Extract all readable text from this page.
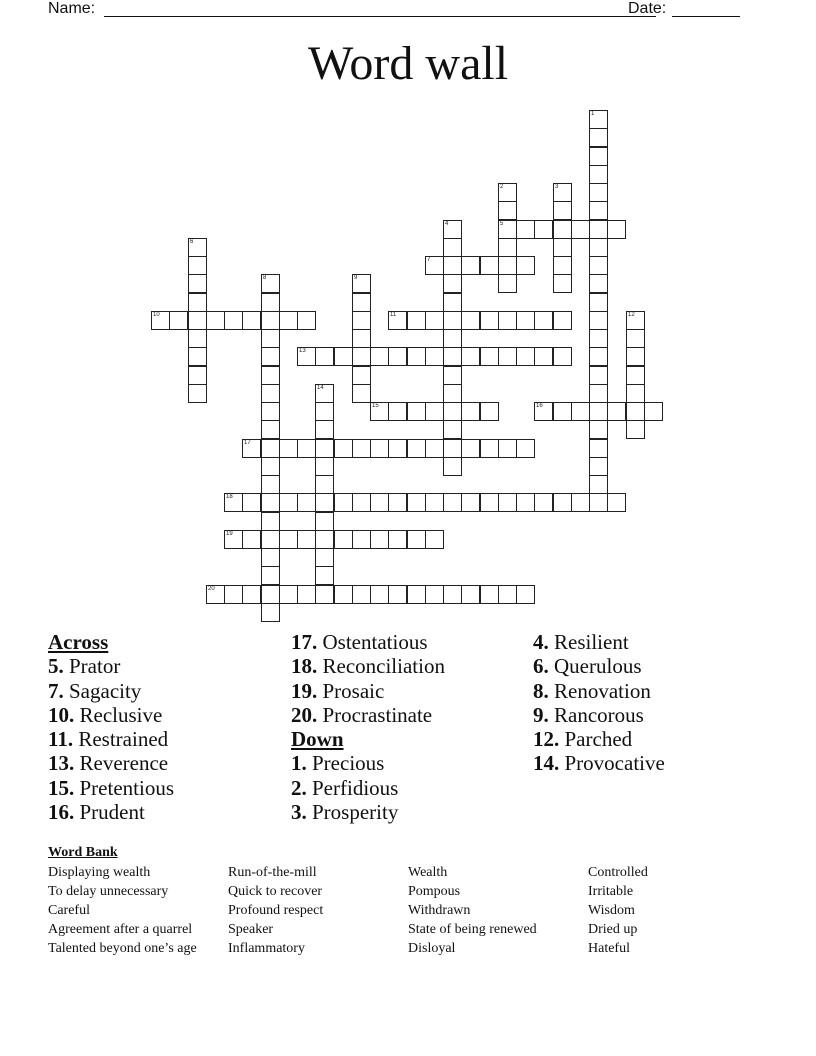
Name:	Date:
Word wall
1
2
5
3
4
6
7
8	9
10	11	12
13
14
15	16
17
18
19
20
Across
5. Prator
7. Sagacity
10. Reclusive
11. Restrained
13. Reverence
15. Pretentious
16. Prudent
17. Ostentatious
18. Reconciliation
19. Prosaic
20. Procrastinate
Down
1. Precious
2. Perfidious
3. Prosperity
4. Resilient
6. Querulous
8. Renovation
9. Rancorous
12. Parched
14. Provocative
Word Bank
Displaying wealth
To delay unnecessary
Careful
Agreement after a quarrel
Talented beyond one’s age
Run-of-the-mill
Quick to recover
Profound respect
Speaker
Inflammatory
Wealth
Pompous
Withdrawn
State of being renewed
Disloyal
Controlled
Irritable
Wisdom
Dried up
Hateful
